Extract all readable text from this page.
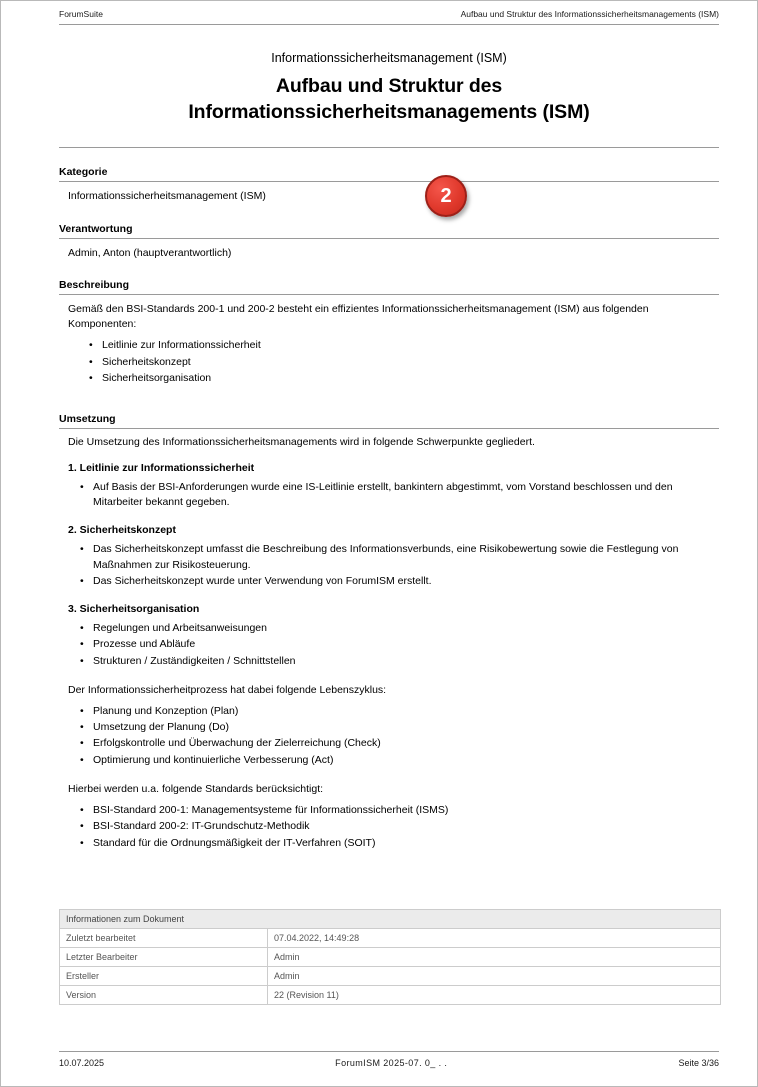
ForumSuite	Aufbau und Struktur des Informationssicherheitsmanagements (ISM)
Informationssicherheitsmanagement (ISM)
Aufbau und Struktur des
Informationssicherheitsmanagements (ISM)
Kategorie
Informationssicherheitsmanagement (ISM)
Verantwortung
Admin, Anton (hauptverantwortlich)
Beschreibung

Gemäß den BSI-Standards 200-1 und 200-2 besteht ein effizientes Informationssicherheitsmanagement (ISM) aus folgenden Komponenten:

• Leitlinie zur Informationssicherheit
• Sicherheitskonzept
• Sicherheitsorganisation
Umsetzung
Die Umsetzung des Informationssicherheitsmanagements wird in folgende Schwerpunkte gegliedert.
1. Leitlinie zur Informationssicherheit
• Auf Basis der BSI-Anforderungen wurde eine IS-Leitlinie erstellt, bankintern abgestimmt, vom Vorstand beschlossen und den Mitarbeiter bekannt gegeben.
2. Sicherheitskonzept
• Das Sicherheitskonzept umfasst die Beschreibung des Informationsverbunds, eine Risikobewertung sowie die Festlegung von Maßnahmen zur Risikosteuerung.
• Das Sicherheitskonzept wurde unter Verwendung von ForumISM erstellt.
3. Sicherheitsorganisation
• Regelungen und Arbeitsanweisungen
• Prozesse und Abläufe
• Strukturen / Zuständigkeiten / Schnittstellen
Der Informationssicherheitprozess hat dabei folgende Lebenszyklus:
• Planung und Konzeption (Plan)
• Umsetzung der Planung (Do)
• Erfolgskontrolle und Überwachung der Zielerreichung (Check)
• Optimierung und kontinuierliche Verbesserung (Act)
Hierbei werden u.a. folgende Standards berücksichtigt:
• BSI-Standard 200-1: Managementsysteme für Informationssicherheit (ISMS)
• BSI-Standard 200-2: IT-Grundschutz-Methodik
• Standard für die Ordnungsmäßigkeit der IT-Verfahren (SOIT)
2
Informationen zum Dokument	
Zuletzt bearbeitet	07.04.2022, 14:49:28
Letzter Bearbeiter	Admin
Ersteller	Admin
Version	22 (Revision 11)
10.07.2025	ForumISM 2025-07. 0_ . .	Seite 3/36
